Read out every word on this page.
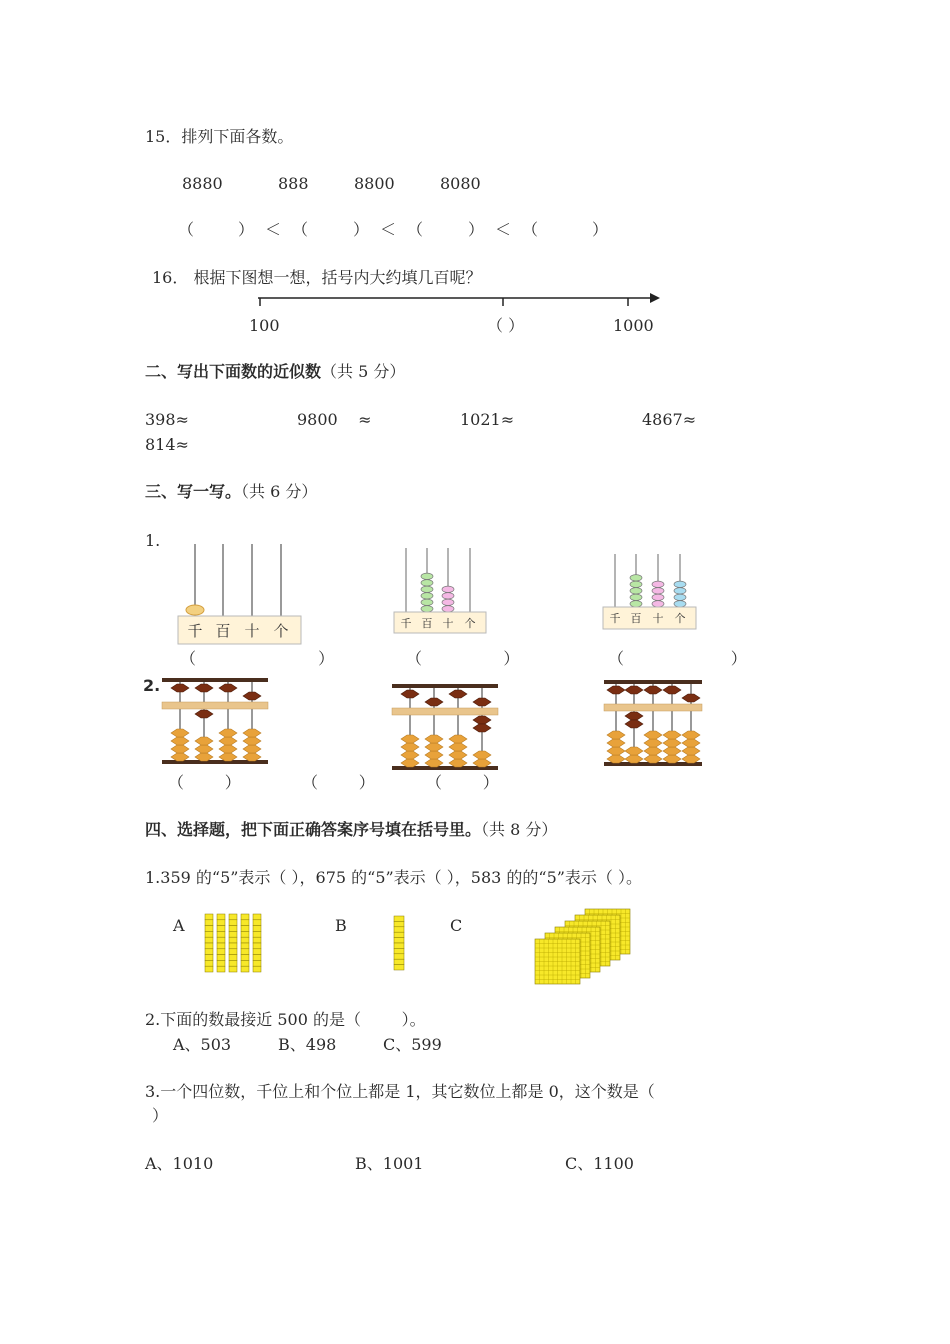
15．排列下面各数。
8880	888	8800	8080
（	） ＜ （	） ＜ （	） ＜ （	）
16． 根据下图想一想，括号内大约填几百呢？
100	（ ）	1000
二、写出下面数的近似数（共 5 分）
398≈	9800    ≈	1021≈	4867≈
814≈
三、写一写。（共 6 分）
1.
千 百 十 个	千 百 十 个	千 百 十 个
（                        ）	（                ）	（                     ）
2.
（        ）	（        ）	（        ）
四、选择题，把下面正确答案序号填在括号里。（共 8 分）
1.359 的“5”表示（ ），675 的“5”表示（ ），583 的的“5”表示（ ）。
A	B	C
2.下面的数最接近 500 的是（        ）。
A、503	B、498	C、599
3.一个四位数，千位上和个位上都是 1，其它数位上都是 0，这个数是（
）
A、1010	B、1001	C、1100
